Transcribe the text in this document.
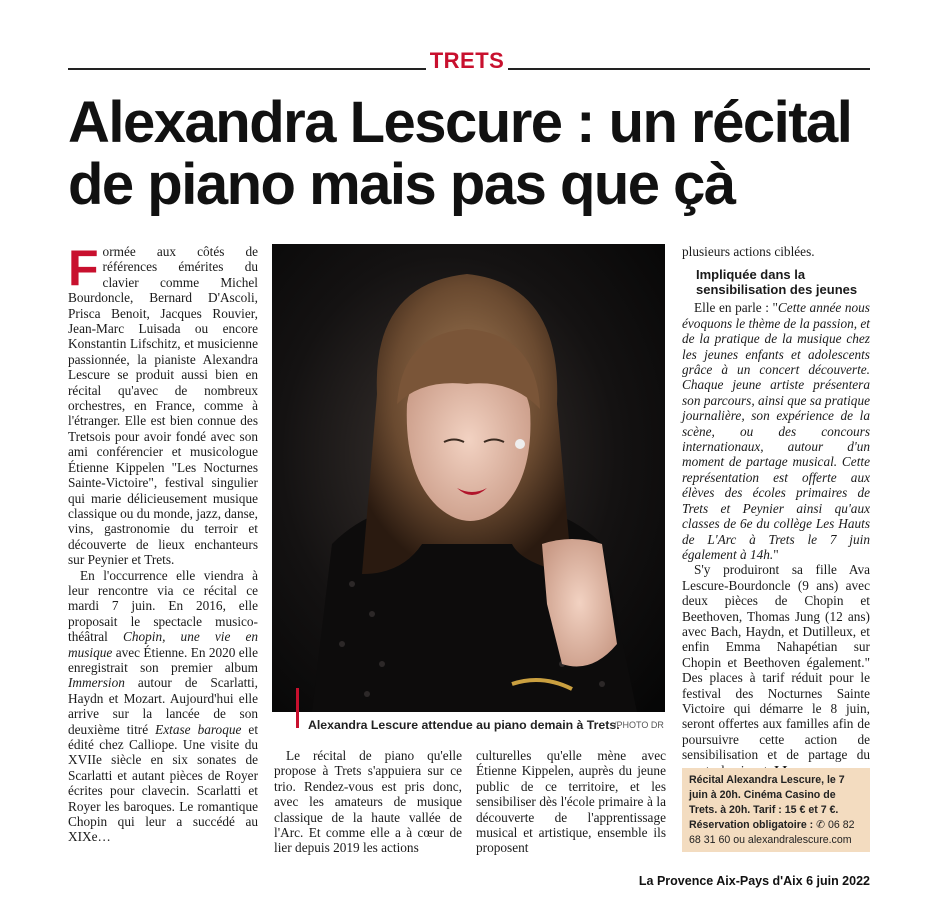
TRETS
Alexandra Lescure : un récital
de piano mais pas que çà

Formée aux côtés de références émérites du clavier comme Michel Bourdoncle, Bernard D'Ascoli, Prisca Benoit, Jacques Rouvier, Jean-Marc Luisada ou encore Konstantin Lifschitz, et musicienne passionnée, la pianiste Alexandra Lescure se produit aussi bien en récital qu'avec de nombreux orchestres, en France, comme à l'étranger. Elle est bien connue des Tretsois pour avoir fondé avec son ami conférencier et musicologue Étienne Kippelen "Les Nocturnes Sainte-Victoire", festival singulier qui marie délicieusement musique classique ou du monde, jazz, danse, vins, gastronomie du terroir et découverte de lieux enchanteurs sur Peynier et Trets.

En l'occurrence elle viendra à leur rencontre via ce récital ce mardi 7 juin. En 2016, elle proposait le spectacle musico-théâtral Chopin, une vie en musique avec Étienne. En 2020 elle enregistrait son premier album Immersion autour de Scarlatti, Haydn et Mozart. Aujourd'hui elle arrive sur la lancée de son deuxième titré Extase baroque et édité chez Calliope. Une visite du XVIIe siècle en six sonates de Scarlatti et autant pièces de Royer écrites pour clavecin. Scarlatti et Royer les baroques. Le romantique Chopin qui leur a succédé au XIXe…

Alexandra Lescure attendue au piano demain à Trets.
/PHOTO DR

Le récital de piano qu'elle propose à Trets s'appuiera sur ce trio. Rendez-vous est pris donc, avec les amateurs de musique classique de la haute vallée de l'Arc. Et comme elle a à cœur de lier depuis 2019 les actions

culturelles qu'elle mène avec Étienne Kippelen, auprès du jeune public de ce territoire, et les sensibiliser dès l'école primaire à la découverte de l'apprentissage musical et artistique, ensemble ils proposent

plusieurs actions ciblées.

Impliquée dans la sensibilisation des jeunes

Elle en parle : "Cette année nous évoquons le thème de la passion, et de la pratique de la musique chez les jeunes enfants et adolescents grâce à un concert découverte. Chaque jeune artiste présentera son parcours, ainsi que sa pratique journalière, son expérience de la scène, ou des concours internationaux, autour d'un moment de partage musical. Cette représentation est offerte aux élèves des écoles primaires de Trets et Peynier ainsi qu'aux classes de 6e du collège Les Hauts de L'Arc à Trets le 7 juin également à 14h."

S'y produiront sa fille Ava Lescure-Bourdoncle (9 ans) avec deux pièces de Chopin et Beethoven, Thomas Jung (12 ans) avec Bach, Haydn, et Dutilleux, et enfin Emma Nahapétian sur Chopin et Beethoven également." Des places à tarif réduit pour le festival des Nocturnes Sainte Victoire qui démarre le 8 juin, seront offertes aux familles afin de poursuivre cette action de sensibilisation et de partage du

Récital Alexandra Lescure, le 7 juin à 20h. Cinéma Casino de Trets. à 20h. Tarif : 15 € et 7 €. Réservation obligatoire : ✆ 06 82 68 31 60 ou alexandralescure.com
La Provence Aix-Pays d'Aix 6 juin 2022
